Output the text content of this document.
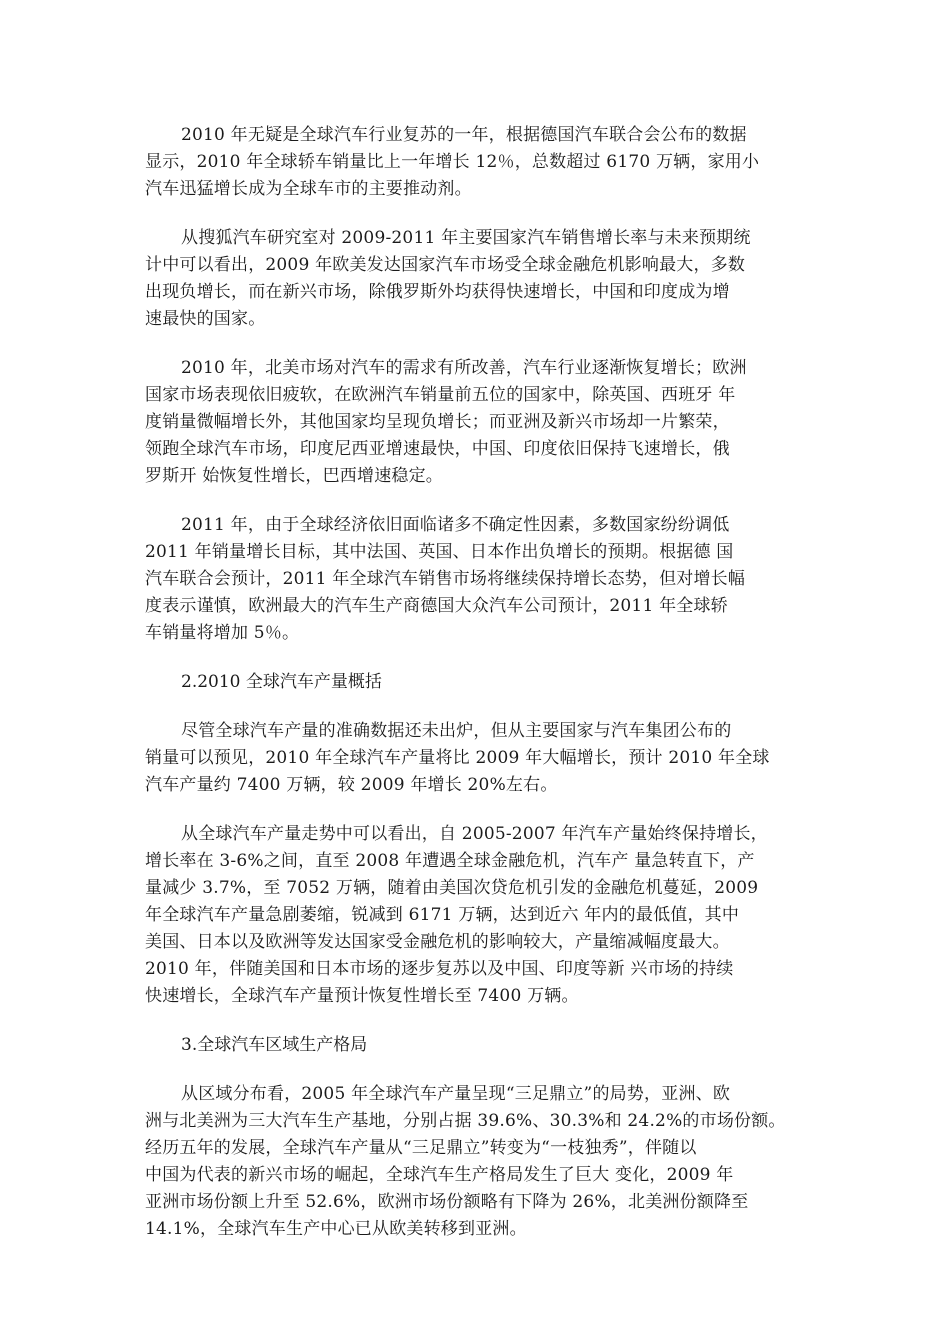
2010 年无疑是全球汽车行业复苏的一年，根据德国汽车联合会公布的数据
显示，2010 年全球轿车销量比上一年增长 12％，总数超过 6170 万辆，家用小
汽车迅猛增长成为全球车市的主要推动剂。
从搜狐汽车研究室对 2009-2011 年主要国家汽车销售增长率与未来预期统
计中可以看出，2009 年欧美发达国家汽车市场受全球金融危机影响最大，多数
出现负增长，而在新兴市场，除俄罗斯外均获得快速增长，中国和印度成为增
速最快的国家。
2010 年，北美市场对汽车的需求有所改善，汽车行业逐渐恢复增长；欧洲
国家市场表现依旧疲软，在欧洲汽车销量前五位的国家中，除英国、西班牙 年
度销量微幅增长外，其他国家均呈现负增长；而亚洲及新兴市场却一片繁荣，
领跑全球汽车市场，印度尼西亚增速最快，中国、印度依旧保持飞速增长，俄
罗斯开 始恢复性增长，巴西增速稳定。
2011 年，由于全球经济依旧面临诸多不确定性因素，多数国家纷纷调低
2011 年销量增长目标，其中法国、英国、日本作出负增长的预期。根据德 国
汽车联合会预计，2011 年全球汽车销售市场将继续保持增长态势，但对增长幅
度表示谨慎，欧洲最大的汽车生产商德国大众汽车公司预计，2011 年全球轿
车销量将增加 5％。
2.2010 全球汽车产量概括
尽管全球汽车产量的准确数据还未出炉，但从主要国家与汽车集团公布的
销量可以预见，2010 年全球汽车产量将比 2009 年大幅增长，预计 2010 年全球
汽车产量约 7400 万辆，较 2009 年增长 20%左右。
从全球汽车产量走势中可以看出，自 2005-2007 年汽车产量始终保持增长，
增长率在 3-6%之间，直至 2008 年遭遇全球金融危机，汽车产 量急转直下，产
量减少 3.7%，至 7052 万辆，随着由美国次贷危机引发的金融危机蔓延，2009
年全球汽车产量急剧萎缩，锐减到 6171 万辆，达到近六 年内的最低值，其中
美国、日本以及欧洲等发达国家受金融危机的影响较大，产量缩减幅度最大。
2010 年，伴随美国和日本市场的逐步复苏以及中国、印度等新 兴市场的持续
快速增长，全球汽车产量预计恢复性增长至 7400 万辆。
3.全球汽车区域生产格局
从区域分布看，2005 年全球汽车产量呈现“三足鼎立”的局势，亚洲、欧
洲与北美洲为三大汽车生产基地，分别占据 39.6%、30.3%和 24.2%的市场份额。
经历五年的发展，全球汽车产量从“三足鼎立”转变为“一枝独秀”，伴随以
中国为代表的新兴市场的崛起，全球汽车生产格局发生了巨大 变化，2009 年
亚洲市场份额上升至 52.6%，欧洲市场份额略有下降为 26%，北美洲份额降至
14.1%，全球汽车生产中心已从欧美转移到亚洲。
